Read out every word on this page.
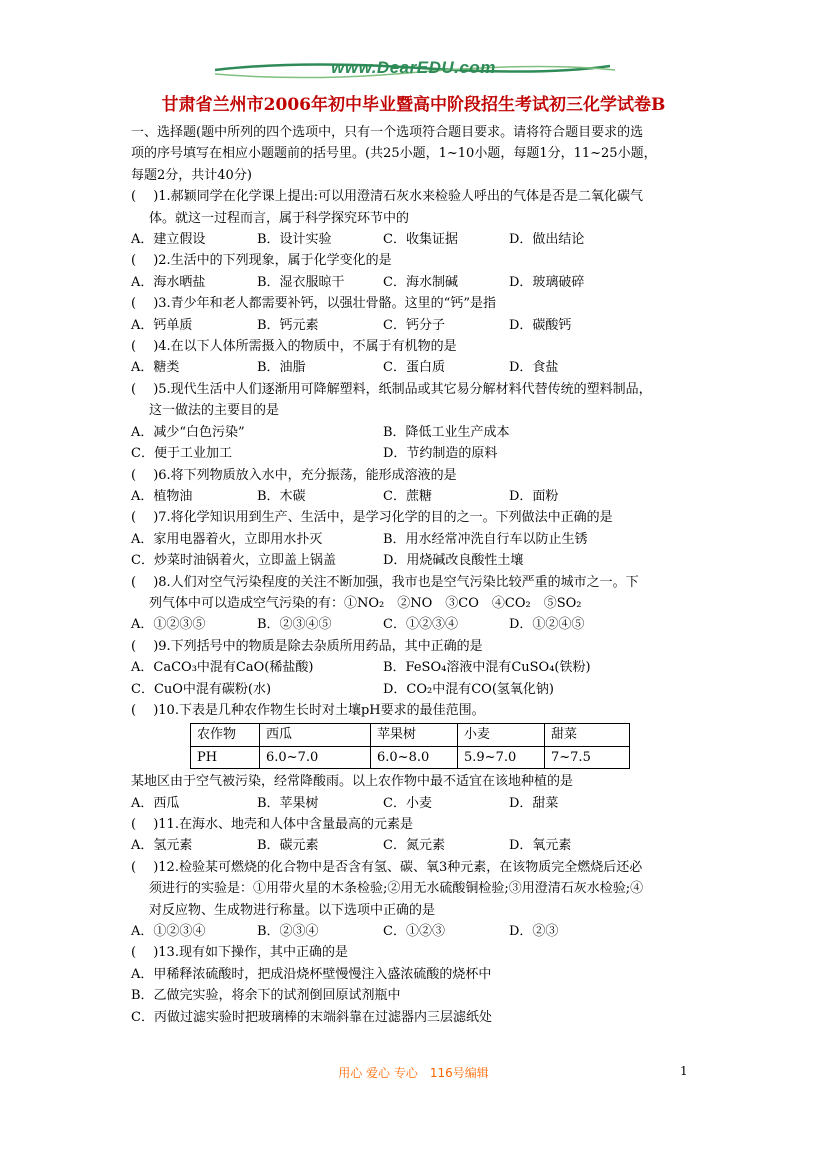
www.DearEDU.com
甘肃省兰州市2006年初中毕业暨高中阶段招生考试初三化学试卷B

一、选择题(题中所列的四个选项中，只有一个选项符合题目要求。请将符合题目要求的选

项的序号填写在相应小题题前的括号里。(共25小题，1~10小题，每题1分，11~25小题，

每题2分，共计40分)

(　 )1.郝颖同学在化学课上提出:可以用澄清石灰水来检验人呼出的气体是否是二氧化碳气

体。就这一过程而言，属于科学探究环节中的

A．建立假设	B．设计实验	C．收集证据	D．做出结论

(　 )2.生活中的下列现象，属于化学变化的是

A．海水晒盐	B．湿衣服晾干	C．海水制碱	D．玻璃破碎

(　 )3.青少年和老人都需要补钙，以强壮骨骼。这里的“钙”是指

A．钙单质	B．钙元素	C．钙分子	D．碳酸钙

(　 )4.在以下人体所需摄入的物质中，不属于有机物的是

A．糖类	B．油脂	C．蛋白质	D．食盐

(　 )5.现代生活中人们逐渐用可降解塑料，纸制品或其它易分解材料代替传统的塑料制品，

这一做法的主要目的是

A．减少“白色污染”	B．降低工业生产成本
C．便于工业加工	D．节约制造的原料

(　 )6.将下列物质放入水中，充分振荡，能形成溶液的是

A．植物油	B．木碳	C．蔗糖	D．面粉

(　 )7.将化学知识用到生产、生活中，是学习化学的目的之一。下列做法中正确的是

A．家用电器着火，立即用水扑灭	B．用水经常冲洗自行车以防止生锈
C．炒菜时油锅着火，立即盖上锅盖	D．用烧碱改良酸性土壤

(　 )8.人们对空气污染程度的关注不断加强，我市也是空气污染比较严重的城市之一。下

列气体中可以造成空气污染的有：①NO₂　②NO　③CO　④CO₂　⑤SO₂

A．①②③⑤	B．②③④⑤	C．①②③④	D．①②④⑤

(　 )9.下列括号中的物质是除去杂质所用药品，其中正确的是

A．CaCO₃中混有CaO(稀盐酸)	B．FeSO₄溶液中混有CuSO₄(铁粉)
C．CuO中混有碳粉(水)	D．CO₂中混有CO(氢氧化钠)

(　 )10.下表是几种农作物生长时对土壤pH要求的最佳范围。

农作物	西瓜	苹果树	小麦	甜菜
PH	6.0~7.0	6.0~8.0	5.9~7.0	7~7.5

某地区由于空气被污染，经常降酸雨。以上农作物中最不适宜在该地种植的是

A．西瓜	B．苹果树	C．小麦	D．甜菜

(　 )11.在海水、地壳和人体中含量最高的元素是

A．氢元素	B．碳元素	C．氮元素	D．氧元素

(　 )12.检验某可燃烧的化合物中是否含有氢、碳、氧3种元素，在该物质完全燃烧后还必

须进行的实验是：①用带火星的木条检验;②用无水硫酸铜检验;③用澄清石灰水检验;④

对反应物、生成物进行称量。以下选项中正确的是

A．①②③④	B．②③④	C．①②③	D．②③

(　 )13.现有如下操作，其中正确的是

A．甲稀释浓硫酸时，把成沿烧杯壁慢慢注入盛浓硫酸的烧杯中

B．乙做完实验，将余下的试剂倒回原试剂瓶中

C．丙做过滤实验时把玻璃棒的末端斜靠在过滤器内三层滤纸处

用心 爱心 专心　116号编辑	1
